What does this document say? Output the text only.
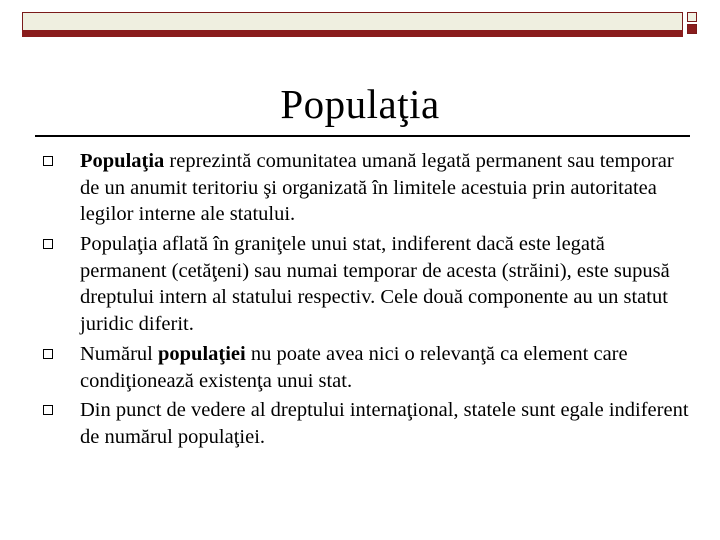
Populaţia
Populaţia reprezintă comunitatea umană legată permanent sau temporar de un anumit teritoriu şi organizată în limitele acestuia prin autoritatea legilor interne ale statului.
Populaţia aflată în graniţele unui stat, indiferent dacă este legată permanent (cetăţeni) sau numai temporar de acesta (străini), este supusă dreptului intern al statului respectiv. Cele două componente au un statut juridic diferit.
Numărul populaţiei nu poate avea nici o relevanţă ca element care condiţionează existenţa unui stat.
Din punct de vedere al dreptului internaţional, statele sunt egale indiferent de numărul populaţiei.
